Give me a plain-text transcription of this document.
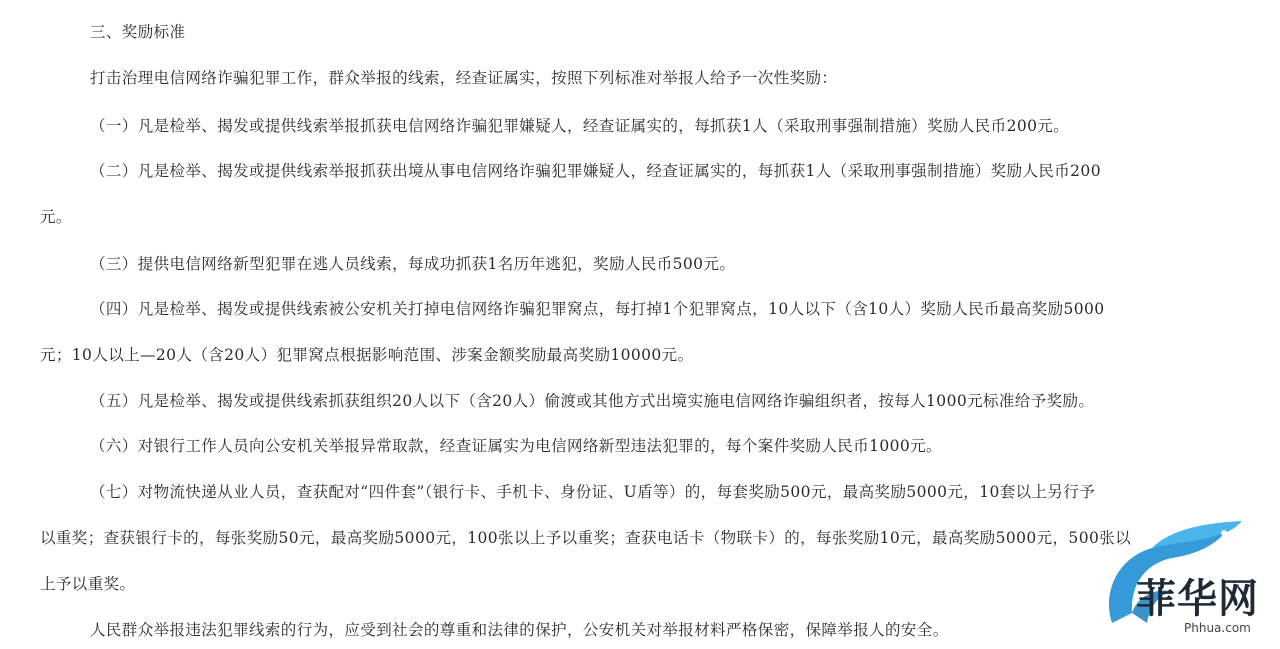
三、奖励标准
打击治理电信网络诈骗犯罪工作，群众举报的线索，经查证属实，按照下列标准对举报人给予一次性奖励：
（一）凡是检举、揭发或提供线索举报抓获电信网络诈骗犯罪嫌疑人，经查证属实的，每抓获1人（采取刑事强制措施）奖励人民币200元。
（二）凡是检举、揭发或提供线索举报抓获出境从事电信网络诈骗犯罪嫌疑人，经查证属实的，每抓获1人（采取刑事强制措施）奖励人民币200
元。
（三）提供电信网络新型犯罪在逃人员线索，每成功抓获1名历年逃犯，奖励人民币500元。
（四）凡是检举、揭发或提供线索被公安机关打掉电信网络诈骗犯罪窝点，每打掉1个犯罪窝点，10人以下（含10人）奖励人民币最高奖励5000
元；10人以上—20人（含20人）犯罪窝点根据影响范围、涉案金额奖励最高奖励10000元。
（五）凡是检举、揭发或提供线索抓获组织20人以下（含20人）偷渡或其他方式出境实施电信网络诈骗组织者，按每人1000元标准给予奖励。
（六）对银行工作人员向公安机关举报异常取款，经查证属实为电信网络新型违法犯罪的，每个案件奖励人民币1000元。
（七）对物流快递从业人员，查获配对“四件套”（银行卡、手机卡、身份证、U盾等）的，每套奖励500元，最高奖励5000元，10套以上另行予
以重奖；查获银行卡的，每张奖励50元，最高奖励5000元，100张以上予以重奖；查获电话卡（物联卡）的，每张奖励10元，最高奖励5000元，500张以
上予以重奖。
人民群众举报违法犯罪线索的行为，应受到社会的尊重和法律的保护，公安机关对举报材料严格保密，保障举报人的安全。
菲华网
Phhua.com
